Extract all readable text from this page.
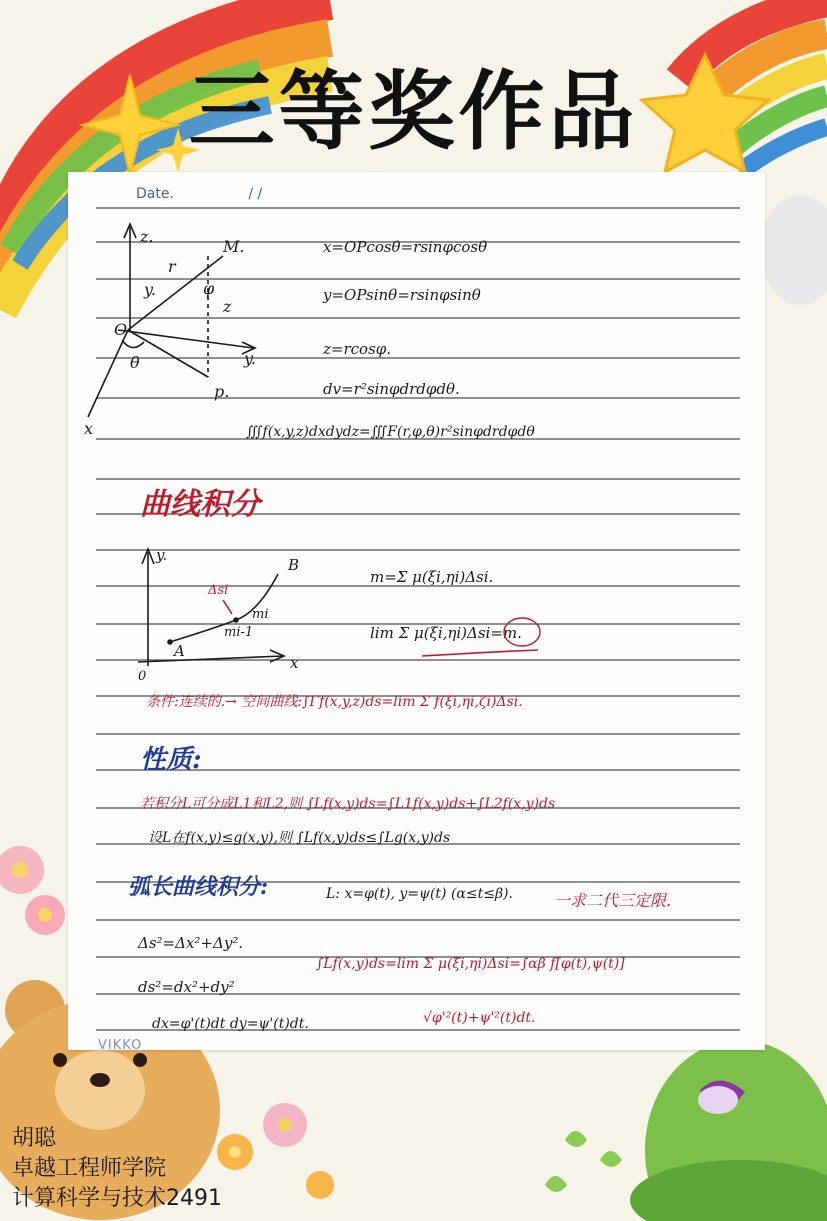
三等奖作品
z.
y.
M.
r
φ
z
O
θ	y.
p.
x
x=OPcosθ=rsinφcosθ
y=OPsinθ=rsinφsinθ
z=rcosφ.
dv=r²sinφdrdφdθ.
∭f(x,y,z)dxdydz=∭F(r,φ,θ)r²sinφdrdφdθ
曲线积分
y.
B
Δsi
mi
mi-1
A
0
x
m=Σ μ(ξi,ηi)Δsi.
lim Σ μ(ξi,ηi)Δsi=m.
条件:连续的.→ 空间曲线:∫Γf(x,y,z)ds=lim Σ f(ξi,ηi,ζi)Δsi.
性质:
若积分L可分成L1和L2,则 ∫Lf(x,y)ds=∫L1f(x,y)ds+∫L2f(x,y)ds
设L在f(x,y)≤g(x,y),则 ∫Lf(x,y)ds≤∫Lg(x,y)ds
弧长曲线积分:	L: x=φ(t), y=ψ(t) (α≤t≤β).	一求二代三定限.
Δs²=Δx²+Δy².
ds²=dx²+dy²
dx=φ'(t)dt dy=ψ'(t)dt.
∫Lf(x,y)ds=lim Σ μ(ξi,ηi)Δsi=∫αβ f[φ(t),ψ(t)]
√φ'²(t)+ψ'²(t)dt.
Date.	/ /
VIKKO
胡聪
卓越工程师学院
计算科学与技术2491
